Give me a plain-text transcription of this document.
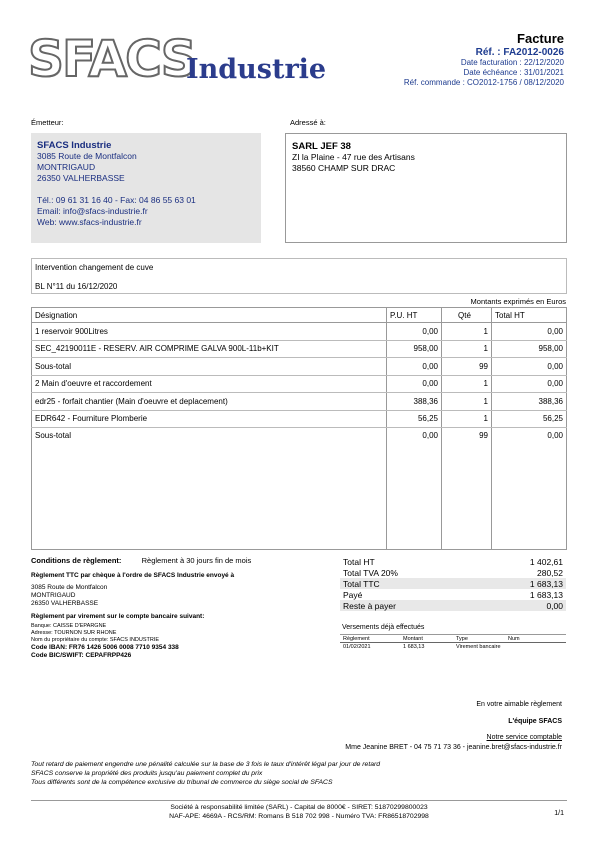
SFACS
Industrie
Facture
Réf. : FA2012-0026
Date facturation : 22/12/2020
Date échéance : 31/01/2021
Réf. commande : CO2012-1756 / 08/12/2020
Émetteur:	Adressé à:
SFACS Industrie
3085 Route de Montfalcon
MONTRIGAUD
26350 VALHERBASSE
Tél.: 09 61 31 16 40 - Fax: 04 86 55 63 01
Email: info@sfacs-industrie.fr
Web: www.sfacs-industrie.fr
SARL JEF 38
ZI la Plaine - 47 rue des Artisans
38560 CHAMP SUR DRAC
Intervention changement de cuve
BL N°11 du 16/12/2020
Montants exprimés en Euros
Désignation	P.U. HT	Qté	Total HT
1 reservoir 900Litres	0,00	1	0,00
SEC_42190011E - RESERV. AIR COMPRIME GALVA 900L-11b+KIT	958,00	1	958,00
Sous-total	0,00	99	0,00
2 Main d'oeuvre et raccordement	0,00	1	0,00
edr25 - forfait chantier (Main d'oeuvre et deplacement)	388,36	1	388,36
EDR642 - Fourniture Plomberie	56,25	1	56,25
Sous-total	0,00	99	0,00
Conditions de règlement:	Règlement à 30 jours fin de mois
Règlement TTC par chèque à l'ordre de SFACS Industrie envoyé à
3085 Route de Montfalcon
MONTRIGAUD
26350 VALHERBASSE
Règlement par virement sur le compte bancaire suivant:
Banque: CAISSE D'EPARGNE
Adresse: TOURNON SUR RHONE
Nom du propriétaire du compte: SFACS INDUSTRIE
Code IBAN: FR76 1426 5006 0008 7710 9354 338
Code BIC/SWIFT: CEPAFRPP426
Total HT	1 402,61
Total TVA 20%	280,52
Total TTC	1 683,13
Payé	1 683,13
Reste à payer	0,00
Versements déjà effectués
Règlement	Montant	Type	Num
01/02/2021	1 683,13	Virement bancaire	
En votre aimable règlement
L'équipe SFACS
Notre service comptable
Mme Jeanine BRET - 04 75 71 73 36 - jeanine.bret@sfacs-industrie.fr
Tout retard de paiement engendre une pénalité calculée sur la base de 3 fois le taux d'intérêt légal par jour de retard
SFACS conserve la propriété des produits jusqu'au paiement complet du prix
Tous différents sont de la compétence exclusive du tribunal de commerce du siège social de SFACS
Société à responsabilité limitée (SARL) - Capital de 8000€ - SIRET: 51870299800023
NAF-APE: 4669A - RCS/RM: Romans B 518 702 998 - Numéro TVA: FR86518702998	1/1
